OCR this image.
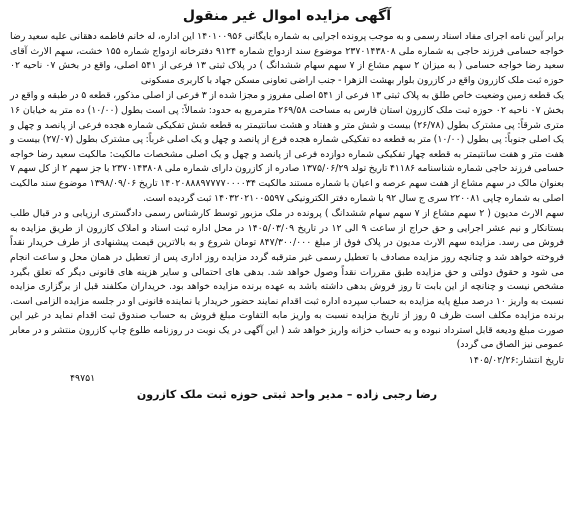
آگهی مزایده اموال غیر منقول

برابر آیین نامه اجرای مفاد اسناد رسمی و به موجب پرونده اجرایی به شماره بایگانی ۱۴۰۱۰۰۹۵۶ این اداره، له خانم فاطمه دهقانی علیه سعید رضا خواجه حسامی فرزند حاجی به شماره ملی ۲۳۷۰۱۴۳۸۰۸ موضوع سند ازدواج شماره ۹۱۲۴ دفترخانه ازدواج شماره ۱۵۵ خشت، سهم الارث آقای سعید رضا خواجه حسامی ( به میزان ۲ سهم مشاع از ۷ سهم سهام ششدانگ ) در پلاک ثبتی ۱۳ فرعی از ۵۴۱ اصلی، واقع در بخش ۰۷ ناحیه ۰۲ حوزه ثبت ملک کازرون واقع در کازرون بلوار بهشت الزهرا - جنب اراضی تعاونی مسکن جهاد با کاربری مسکونی

یک قطعه زمین وضعیت خاص طلق به پلاک ثبتی ۱۳ فرعی از ۵۴۱ اصلی مفروز و مجزا شده از ۳ فرعی از اصلی مذکور، قطعه ۵ در طبقه و واقع در بخش ۰۷ ناحیه ۰۲ حوزه ثبت ملک کازرون استان فارس به مساحت ۲۶۹/۵۸ مترمربع به حدود: شمالاً: پی است بطول (۱۰/۰۰) ده متر به خیابان ۱۶ متری شرقاً: پی مشترک بطول (۲۶/۷۸) بیست و شش متر و هفتاد و هشت سانتیمتر به قطعه شش تفکیکی شماره هجده فرعی از پانصد و چهل و یک اصلی جنوباً: پی بطول (۱۰/۰۰) متر به قطعه ده تفکیکی شماره هجده فرع از پانصد و چهل و یک اصلی غرباً: پی مشترک بطول (۲۷/۰۷) بیست و هفت متر و هفت سانتیمتر به قطعه چهار تفکیکی شماره دوازده فرعی از پانصد و چهل و یک اصلی مشخصات مالکیت: مالکیت سعید رضا خواجه حسامی فرزند حاجی شماره شناسنامه ۴۱۱۸۶ تاریخ تولد ۱۳۷۵/۰۶/۲۹ صادره از کازرون دارای شماره ملی ۲۳۷۰۱۴۳۸۰۸ با جز سهم ۲ از کل سهم ۷ بعنوان مالک در سهم مشاع از هفت سهم عرصه و اعیان با شماره مستند مالکیت ۱۴۰۲۰۸۸۸۹۷۷۷۷۰۰۰۰۳۴ تاریخ ۱۳۹۸/۰۹/۰۶ موضوع سند مالکیت اصلی به شماره چاپی ۲۲۰۰۸۱ سری ج سال ۹۲ با شماره دفتر الکترونیکی ۱۴۰۳۲۰۲۱۰۰۵۵۹۷ ثبت گردیده است.

سهم الارث مدیون ( ۲ سهم مشاع از ۷ سهم سهام ششدانگ ) پرونده در ملک مزبور توسط کارشناس رسمی دادگستری ارزیابی و در قبال طلب بستانکار و نیم عشر اجرایی و حق حراج از ساعت ۹ الی ۱۲ در تاریخ ۱۴۰۵/۰۳/۰۹ در محل اداره ثبت اسناد و املاک کازرون از طریق مزایده به فروش می رسد. مزایده سهم الارث مدیون در پلاک فوق از مبلغ ۸۴۷/۳۰۰/۰۰۰ تومان شروع و به بالاترین قیمت پیشنهادی از طرف خریدار نقداً فروخته خواهد شد و چنانچه روز مزایده مصادف با تعطیل رسمی غیر مترقبه گردد مزایده روز اداری پس از تعطیل در همان محل و ساعت انجام می شود و حقوق دولتی و حق مزایده طبق مقررات نقداً وصول خواهد شد. بدهی های احتمالی و سایر هزینه های قانونی دیگر که تعلق بگیرد مشخص نیست و چنانچه از این بابت تا روز فروش بدهی داشته باشد به عهده برنده مزایده خواهد بود. خریداران مکلفند قبل از برگزاری مزایده نسبت به واریز ۱۰ درصد مبلغ پایه مزایده به حساب سپرده اداره ثبت اقدام نمایند حضور خریدار یا نماینده قانونی او در جلسه مزایده الزامی است. برنده مزایده مکلف است ظرف ۵ روز از تاریخ مزایده نسبت به واریز مابه التفاوت مبلغ فروش به حساب صندوق ثبت اقدام نماید در غیر این صورت مبلغ ودیعه قابل استرداد نبوده و به حساب خزانه واریز خواهد شد ( این آگهی در یک نوبت در روزنامه طلوع چاپ کازرون منتشر و در معابر عمومی نیز الصاق می گردد)

تاریخ انتشار:۱۴۰۵/۰۲/۲۶
۴۹۷۵۱
رضا رجبی زاده – مدیر واحد ثبتی حوزه ثبت ملک کازرون
